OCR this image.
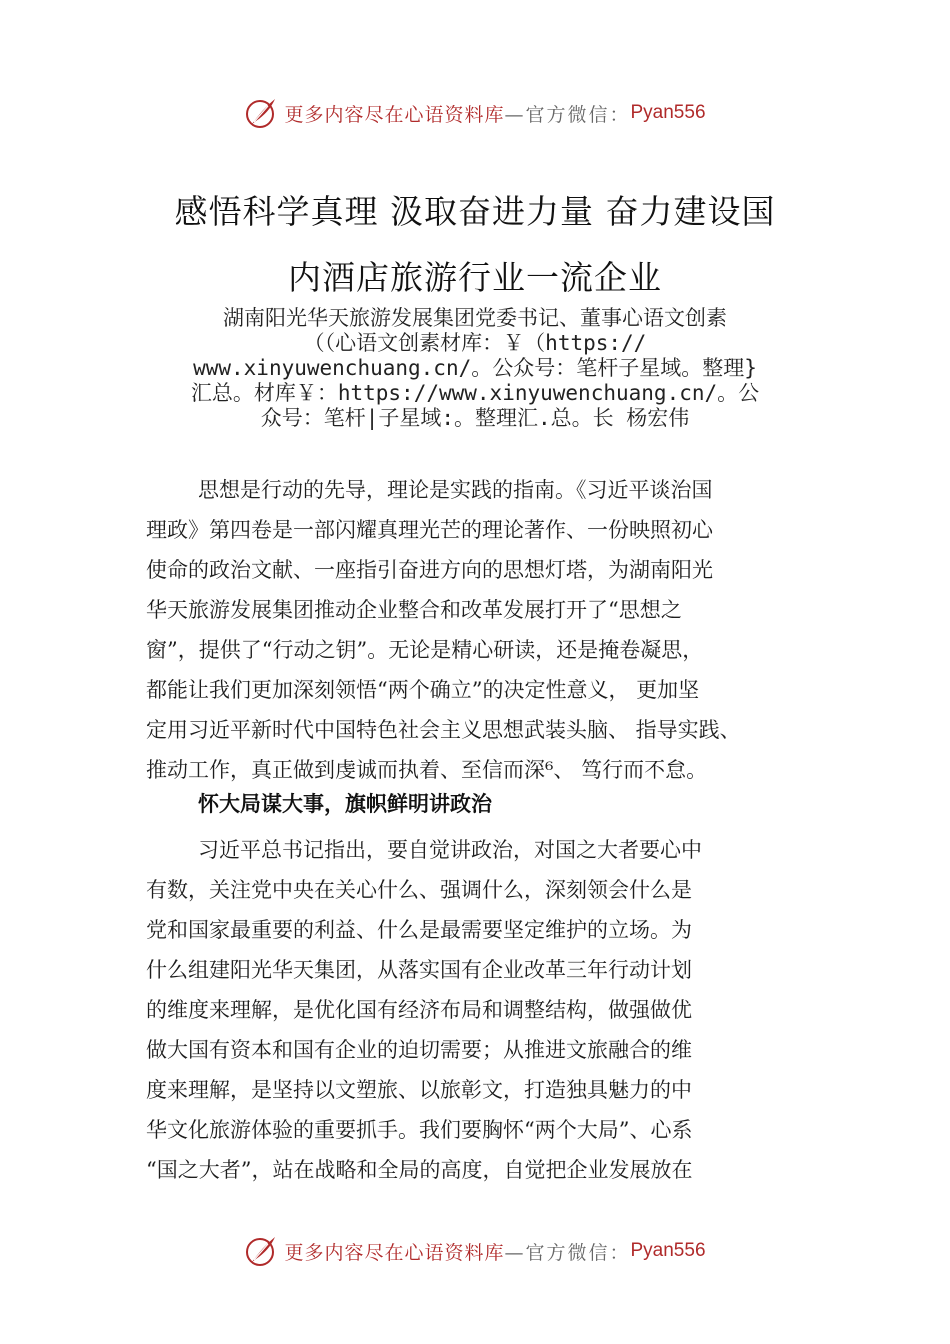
更多内容尽在心语资料库 —官方微信： Pyan556
感悟科学真理 汲取奋进力量 奋力建设国
内酒店旅游行业一流企业
湖南阳光华天旅游发展集团党委书记、董事心语文创素
（（心语文创素材库：￥（https://
www.xinyuwenchuang.cn/。公众号：笔杆子星域。整理}
汇总。材库￥：https://www.xinyuwenchuang.cn/。公
众号：笔杆|子星域:。整理汇.总。长 杨宏伟
思想是行动的先导，理论是实践的指南。《习近平谈治国
理政》第四卷是一部闪耀真理光芒的理论著作、一份映照初心
使命的政治文献、一座指引奋进方向的思想灯塔，为湖南阳光
华天旅游发展集团推动企业整合和改革发展打开了“思想之
窗”，提供了“行动之钥”。无论是精心研读，还是掩卷凝思，
都能让我们更加深刻领悟“两个确立”的决定性意义， 更加坚
定用习近平新时代中国特色社会主义思想武装头脑、 指导实践、
推动工作，真正做到虔诚而执着、至信而深⁶、 笃行而不怠。
怀大局谋大事，旗帜鲜明讲政治
习近平总书记指出，要自觉讲政治，对国之大者要心中
有数，关注党中央在关心什么、强调什么，深刻领会什么是
党和国家最重要的利益、什么是最需要坚定维护的立场。为
什么组建阳光华天集团，从落实国有企业改革三年行动计划
的维度来理解，是优化国有经济布局和调整结构，做强做优
做大国有资本和国有企业的迫切需要；从推进文旅融合的维
度来理解，是坚持以文塑旅、以旅彰文，打造独具魅力的中
华文化旅游体验的重要抓手。我们要胸怀“两个大局”、心系
“国之大者”，站在战略和全局的高度，自觉把企业发展放在
更多内容尽在心语资料库 —官方微信： Pyan556
